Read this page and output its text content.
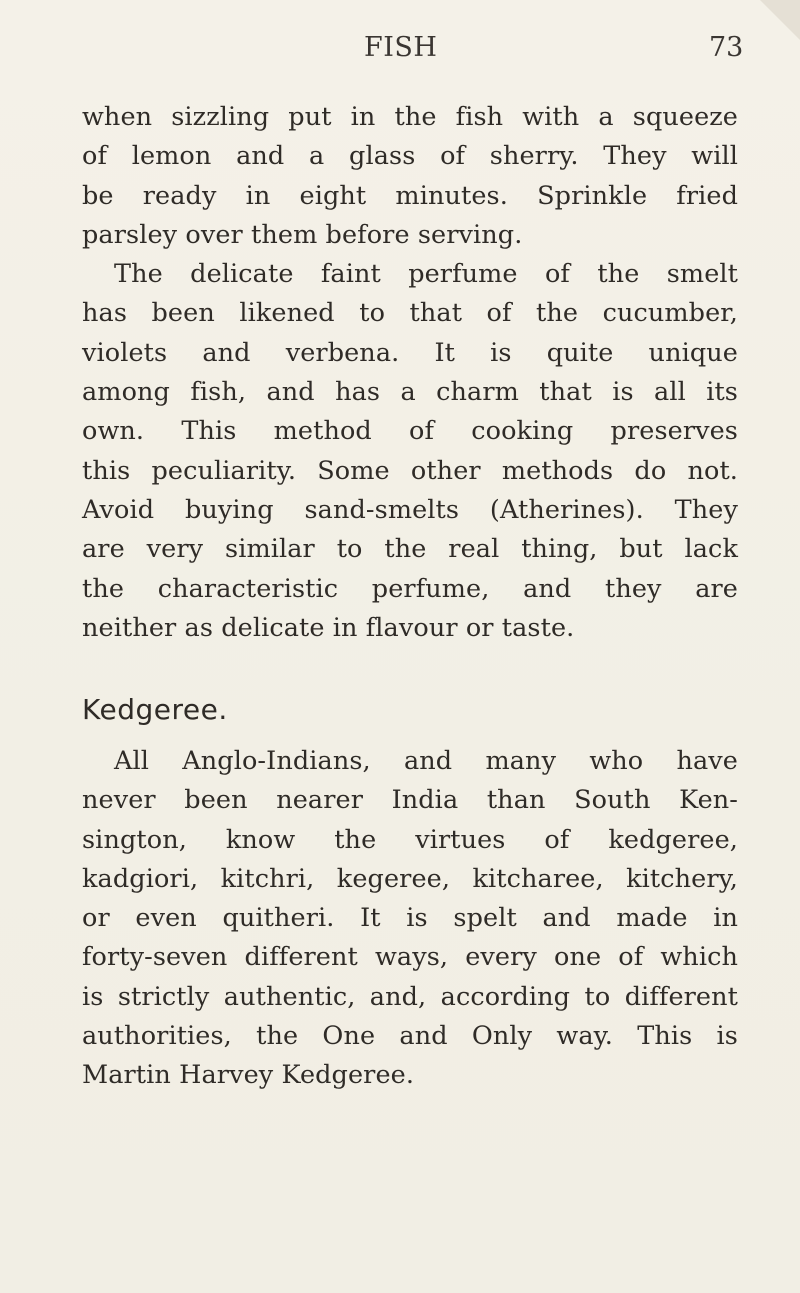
FISH	73
when sizzling put in the fish with a squeeze
of lemon and a glass of sherry. They will
be ready in eight minutes. Sprinkle fried
parsley over them before serving.
The delicate faint perfume of the smelt
has been likened to that of the cucumber,
violets and verbena. It is quite unique
among fish, and has a charm that is all its
own. This method of cooking preserves
this peculiarity. Some other methods do not.
Avoid buying sand-smelts (Atherines). They
are very similar to the real thing, but lack
the characteristic perfume, and they are
neither as delicate in flavour or taste.
Kedgeree.
All Anglo-Indians, and many who have
never been nearer India than South Ken-
sington, know the virtues of kedgeree,
kadgiori, kitchri, kegeree, kitcharee, kitchery,
or even quitheri. It is spelt and made in
forty-seven different ways, every one of which
is strictly authentic, and, according to different
authorities, the One and Only way. This is
Martin Harvey Kedgeree.
